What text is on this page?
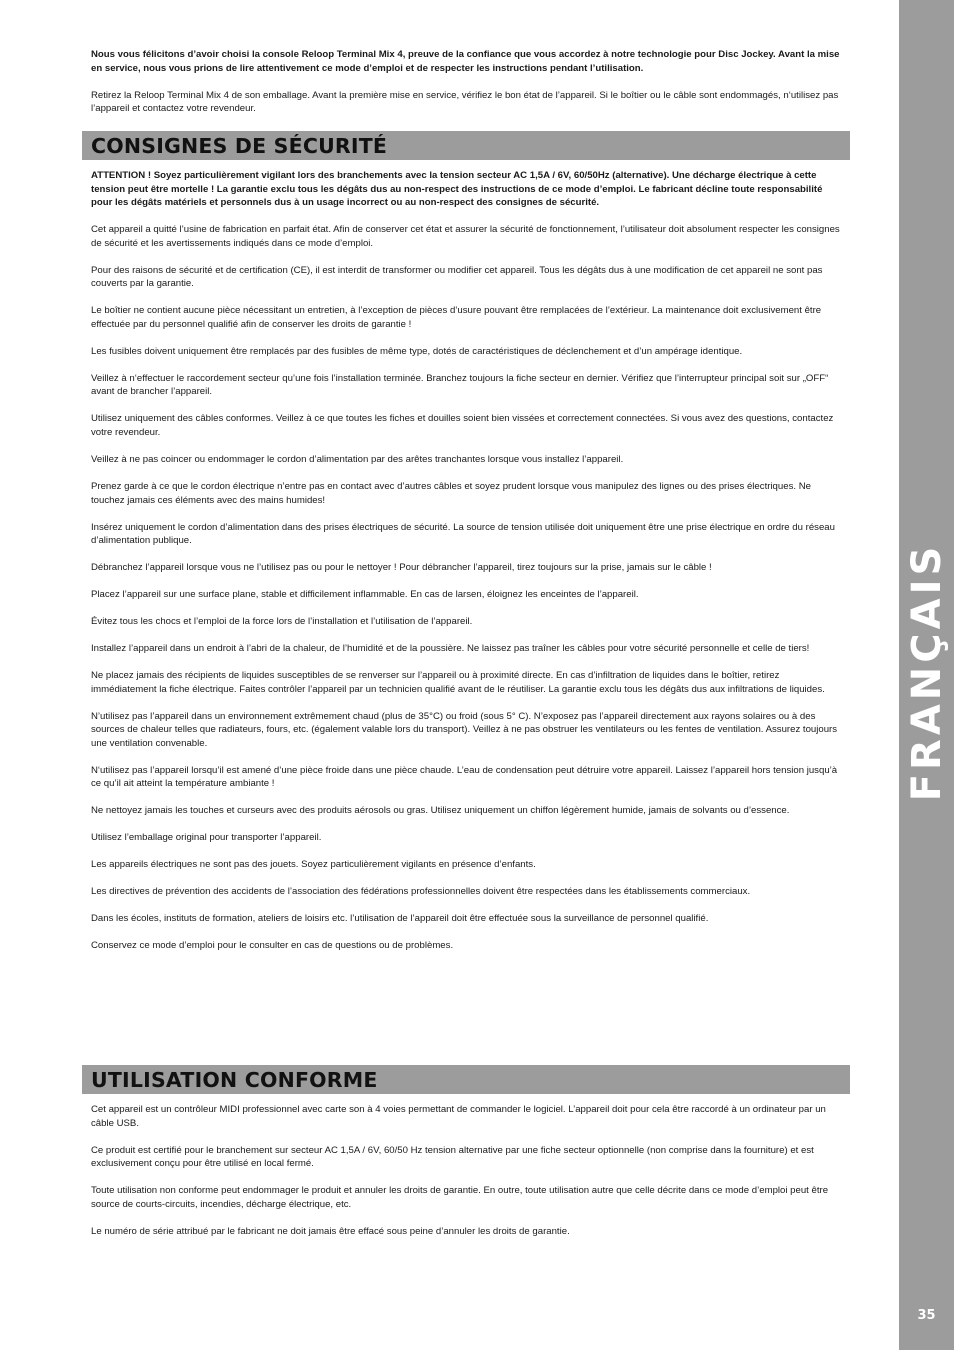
Nous vous félicitons d’avoir choisi la console Reloop Terminal Mix 4, preuve de la confiance que vous accordez à notre technologie pour Disc Jockey. Avant la mise en service, nous vous prions de lire attentivement ce mode d’emploi et de respecter les instructions pendant l’utilisation.

Retirez la Reloop Terminal Mix 4 de son emballage. Avant la première mise en service, vérifiez le bon état de l’appareil. Si le boîtier ou le câble sont endommagés, n‘utilisez pas l’appareil et contactez votre revendeur.

CONSIGNES DE SÉCURITÉ

ATTENTION ! Soyez particulièrement vigilant lors des branchements avec la tension secteur AC 1,5A / 6V, 60/50Hz (alternative). Une décharge électrique à cette tension peut être mortelle ! La garantie exclu tous les dégâts dus au non-respect des instructions de ce mode d’emploi. Le fabricant décline toute responsabilité pour les dégâts matériels et personnels dus à un usage incorrect ou au non-respect des consignes de sécurité.

Cet appareil a quitté l’usine de fabrication en parfait état. Afin de conserver cet état et assurer la sécurité de fonctionnement, l’utilisateur doit absolument respecter les consignes de sécurité et les avertissements indiqués dans ce mode d’emploi.

Pour des raisons de sécurité et de certification (CE), il est interdit de transformer ou modifier cet appareil. Tous les dégâts dus à une modification de cet appareil ne sont pas couverts par la garantie.

Le boîtier ne contient aucune pièce nécessitant un entretien, à l’exception de pièces d’usure pouvant être remplacées de l’extérieur. La maintenance doit exclusivement être effectuée par du personnel qualifié afin de conserver les droits de garantie !

Les fusibles doivent uniquement être remplacés par des fusibles de même type, dotés de caractéristiques de déclenchement et d’un ampérage identique.

Veillez à n‘effectuer le raccordement secteur qu’une fois l’installation terminée. Branchez toujours la fiche secteur en dernier. Vérifiez que l’interrupteur principal soit sur „OFF“ avant de brancher l’appareil.

Utilisez uniquement des câbles conformes. Veillez à ce que toutes les fiches et douilles soient bien vissées et correctement connectées. Si vous avez des questions, contactez votre revendeur.

Veillez à ne pas coincer ou endommager le cordon d’alimentation par des arêtes tranchantes lorsque vous installez l’appareil.

Prenez garde à ce que le cordon électrique n’entre pas en contact avec d’autres câbles et soyez prudent lorsque vous manipulez des lignes ou des prises électriques. Ne touchez jamais ces éléments avec des mains humides!

Insérez uniquement le cordon d’alimentation dans des prises électriques de sécurité. La source de tension utilisée doit uniquement être une prise électrique en ordre du réseau d’alimentation publique.

Débranchez l’appareil lorsque vous ne l’utilisez pas ou pour le nettoyer ! Pour débrancher l’appareil, tirez toujours sur la prise, jamais sur le câble !

Placez l’appareil sur une surface plane, stable et difficilement inflammable. En cas de larsen, éloignez les enceintes de l’appareil.

Évitez tous les chocs et l’emploi de la force lors de l’installation et l’utilisation de l’appareil.

Installez l’appareil dans un endroit à l’abri de la chaleur, de l’humidité et de la poussière. Ne laissez pas traîner les câbles pour votre sécurité personnelle et celle de tiers!

Ne placez jamais des récipients de liquides susceptibles de se renverser sur l’appareil ou à proximité directe. En cas d’infiltration de liquides dans le boîtier, retirez immédiatement la fiche électrique. Faites contrôler l’appareil par un technicien qualifié avant de le réutiliser. La garantie exclu tous les dégâts dus aux infiltrations de liquides.

N’utilisez pas l’appareil dans un environnement extrêmement chaud (plus de 35°C) ou froid (sous 5° C). N’exposez pas l’appareil directement aux rayons solaires ou à des sources de chaleur telles que radiateurs, fours, etc. (également valable lors du transport). Veillez à ne pas obstruer les ventilateurs ou les fentes de ventilation. Assurez toujours une ventilation convenable.

N‘utilisez pas l’appareil lorsqu’il est amené d’une pièce froide dans une pièce chaude. L’eau de condensation peut détruire votre appareil. Laissez l’appareil hors tension jusqu’à ce qu’il ait atteint la température ambiante !

Ne nettoyez jamais les touches et curseurs avec des produits aérosols ou gras. Utilisez uniquement un chiffon légèrement humide, jamais de solvants ou d’essence.

Utilisez l’emballage original pour transporter l’appareil.

Les appareils électriques ne sont pas des jouets. Soyez particulièrement vigilants en présence d’enfants.

Les directives de prévention des accidents de l’association des fédérations professionnelles doivent être respectées dans les établissements commerciaux.

Dans les écoles, instituts de formation, ateliers de loisirs etc. l’utilisation de l’appareil doit être effectuée sous la surveillance de personnel qualifié.

Conservez ce mode d’emploi pour le consulter en cas de questions ou de problèmes.

UTILISATION CONFORME

Cet appareil est un contrôleur MIDI professionnel avec carte son à 4 voies permettant de commander le logiciel. L’appareil doit pour cela être raccordé à un ordinateur par un câble USB.

Ce produit est certifié pour le branchement sur secteur AC 1,5A / 6V, 60/50 Hz tension alternative par une fiche secteur optionnelle (non comprise dans la fourniture) et est exclusivement conçu pour être utilisé en local fermé.

Toute utilisation non conforme peut endommager le produit et annuler les droits de garantie. En outre, toute utilisation autre que celle décrite dans ce mode d’emploi peut être source de courts-circuits, incendies, décharge électrique, etc.

Le numéro de série attribué par le fabricant ne doit jamais être effacé sous peine d’annuler les droits de garantie.

FRANÇAIS
35
